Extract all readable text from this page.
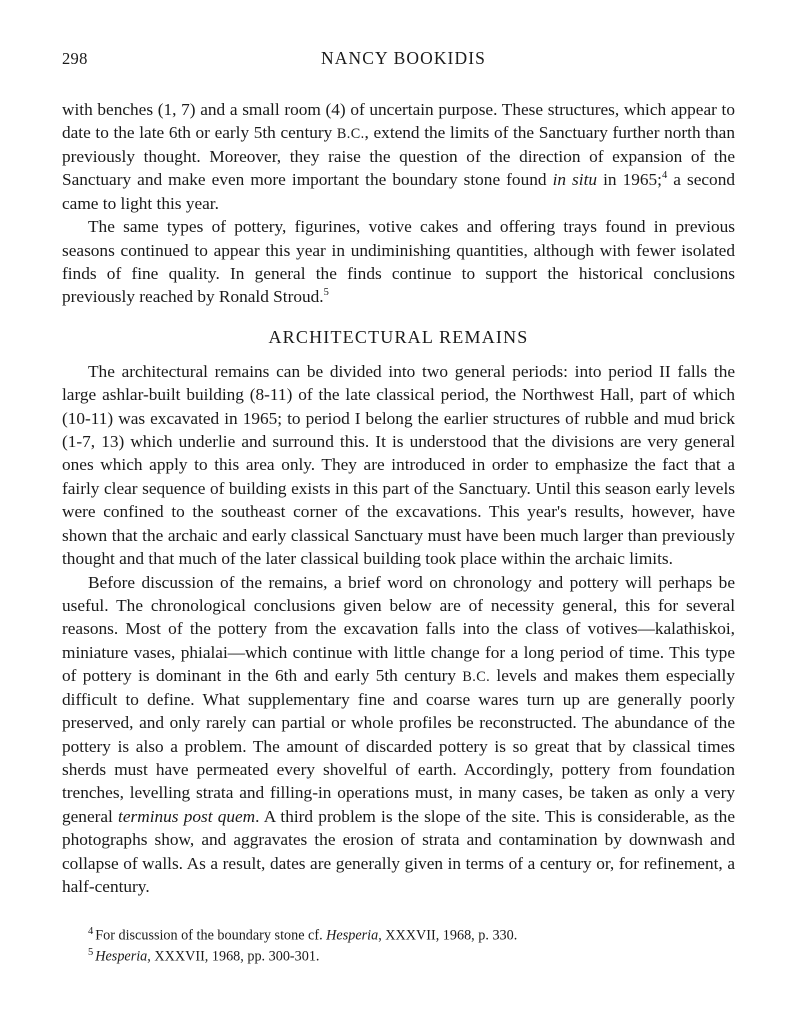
298	NANCY BOOKIDIS

with benches (1, 7) and a small room (4) of uncertain purpose. These structures, which appear to date to the late 6th or early 5th century B.C., extend the limits of the Sanctuary further north than previously thought. Moreover, they raise the question of the direction of expansion of the Sanctuary and make even more important the boundary stone found in situ in 1965;$^4$ a second came to light this year.

The same types of pottery, figurines, votive cakes and offering trays found in previous seasons continued to appear this year in undiminishing quantities, although with fewer isolated finds of fine quality. In general the finds continue to support the historical conclusions previously reached by Ronald Stroud.$^5$

ARCHITECTURAL REMAINS

The architectural remains can be divided into two general periods: into period II falls the large ashlar-built building (8-11) of the late classical period, the Northwest Hall, part of which (10-11) was excavated in 1965; to period I belong the earlier structures of rubble and mud brick (1-7, 13) which underlie and surround this. It is understood that the divisions are very general ones which apply to this area only. They are introduced in order to emphasize the fact that a fairly clear sequence of building exists in this part of the Sanctuary. Until this season early levels were confined to the southeast corner of the excavations. This year's results, however, have shown that the archaic and early classical Sanctuary must have been much larger than previously thought and that much of the later classical building took place within the archaic limits.

Before discussion of the remains, a brief word on chronology and pottery will perhaps be useful. The chronological conclusions given below are of necessity general, this for several reasons. Most of the pottery from the excavation falls into the class of votives—kalathiskoi, miniature vases, phialai—which continue with little change for a long period of time. This type of pottery is dominant in the 6th and early 5th century B.C. levels and makes them especially difficult to define. What supplementary fine and coarse wares turn up are generally poorly preserved, and only rarely can partial or whole profiles be reconstructed. The abundance of the pottery is also a problem. The amount of discarded pottery is so great that by classical times sherds must have permeated every shovelful of earth. Accordingly, pottery from foundation trenches, levelling strata and filling-in operations must, in many cases, be taken as only a very general terminus post quem. A third problem is the slope of the site. This is considerable, as the photographs show, and aggravates the erosion of strata and contamination by downwash and collapse of walls. As a result, dates are generally given in terms of a century or, for refinement, a half-century.

$^4$ For discussion of the boundary stone cf. Hesperia, XXXVII, 1968, p. 330.

$^5$ Hesperia, XXXVII, 1968, pp. 300-301.
